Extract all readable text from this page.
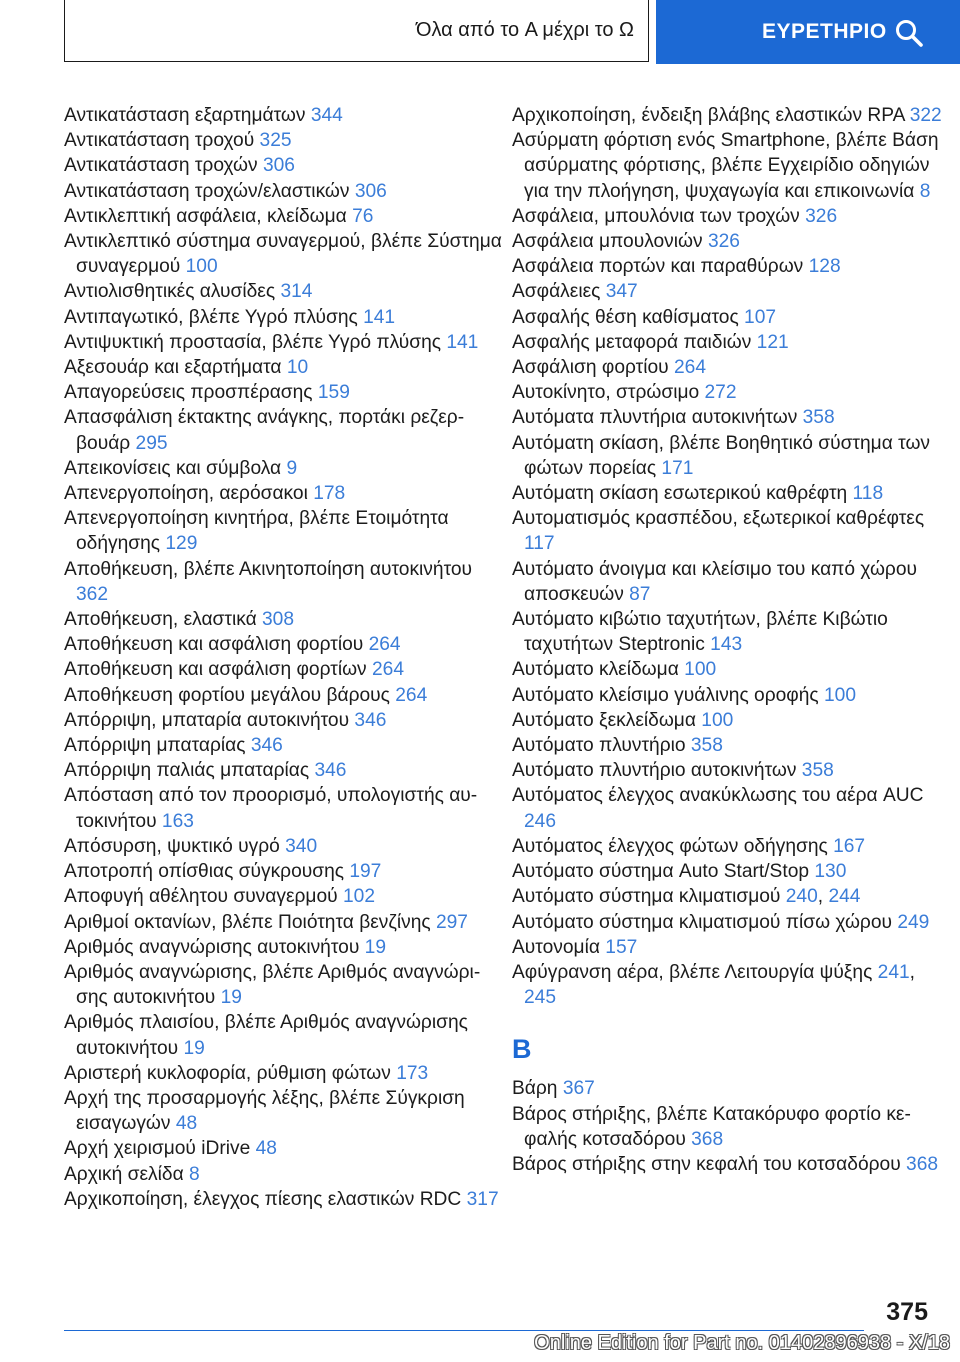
Όλα από το A μέχρι το Ω	ΕΥΡΕΤΗΡΙΟ

Αντικατάσταση εξαρτημάτων 344

Αντικατάσταση τροχού 325

Αντικατάσταση τροχών 306

Αντικατάσταση τροχών/ελαστικών 306

Αντικλεπτική ασφάλεια, κλείδωμα 76

Αντικλεπτικό σύστημα συναγερμού, βλέπε Σύστημα συναγερμού 100

Αντιολισθητικές αλυσίδες 314

Αντιπαγωτικό, βλέπε Υγρό πλύσης 141

Αντιψυκτική προστασία, βλέπε Υγρό πλύσης 141

Αξεσουάρ και εξαρτήματα 10

Απαγορεύσεις προσπέρασης 159

Απασφάλιση έκτακτης ανάγκης, πορτάκι ρεζερβουάρ 295

Απεικονίσεις και σύμβολα 9

Απενεργοποίηση, αερόσακοι 178

Απενεργοποίηση κινητήρα, βλέπε Ετοιμότητα οδήγησης 129

Αποθήκευση, βλέπε Ακινητοποίηση αυτοκινήτου 362

Αποθήκευση, ελαστικά 308

Αποθήκευση και ασφάλιση φορτίου 264

Αποθήκευση και ασφάλιση φορτίων 264

Αποθήκευση φορτίου μεγάλου βάρους 264

Απόρριψη, μπαταρία αυτοκινήτου 346

Απόρριψη μπαταρίας 346

Απόρριψη παλιάς μπαταρίας 346

Απόσταση από τον προορισμό, υπολογιστής αυτοκινήτου 163

Απόσυρση, ψυκτικό υγρό 340

Αποτροπή οπίσθιας σύγκρουσης 197

Αποφυγή αθέλητου συναγερμού 102

Αριθμοί οκτανίων, βλέπε Ποιότητα βενζίνης 297

Αριθμός αναγνώρισης αυτοκινήτου 19

Αριθμός αναγνώρισης, βλέπε Αριθμός αναγνώρισης αυτοκινήτου 19

Αριθμός πλαισίου, βλέπε Αριθμός αναγνώρισης αυτοκινήτου 19

Αριστερή κυκλοφορία, ρύθμιση φώτων 173

Αρχή της προσαρμογής λέξης, βλέπε Σύγκριση εισαγωγών 48

Αρχή χειρισμού iDrive 48

Αρχική σελίδα 8

Αρχικοποίηση, έλεγχος πίεσης ελαστικών RDC 317

Αρχικοποίηση, ένδειξη βλάβης ελαστικών RPA 322

Ασύρματη φόρτιση ενός Smartphone, βλέπε Βάση ασύρματης φόρτισης, βλέπε Εγχειρίδιο οδηγιών για την πλοήγηση, ψυχαγωγία και επικοινωνία 8

Ασφάλεια, μπουλόνια των τροχών 326

Ασφάλεια μπουλονιών 326

Ασφάλεια πορτών και παραθύρων 128

Ασφάλειες 347

Ασφαλής θέση καθίσματος 107

Ασφαλής μεταφορά παιδιών 121

Ασφάλιση φορτίου 264

Αυτοκίνητο, στρώσιμο 272

Αυτόματα πλυντήρια αυτοκινήτων 358

Αυτόματη σκίαση, βλέπε Βοηθητικό σύστημα των φώτων πορείας 171

Αυτόματη σκίαση εσωτερικού καθρέφτη 118

Αυτοματισμός κρασπέδου, εξωτερικοί καθρέφτες 117

Αυτόματο άνοιγμα και κλείσιμο του καπό χώρου αποσκευών 87

Αυτόματο κιβώτιο ταχυτήτων, βλέπε Κιβώτιο ταχυτήτων Steptronic 143

Αυτόματο κλείδωμα 100

Αυτόματο κλείσιμο γυάλινης οροφής 100

Αυτόματο ξεκλείδωμα 100

Αυτόματο πλυντήριο 358

Αυτόματο πλυντήριο αυτοκινήτων 358

Αυτόματος έλεγχος ανακύκλωσης του αέρα AUC 246

Αυτόματος έλεγχος φώτων οδήγησης 167

Αυτόματο σύστημα Auto Start/Stop 130

Αυτόματο σύστημα κλιματισμού 240, 244

Αυτόματο σύστημα κλιματισμού πίσω χώρου 249

Αυτονομία 157

Αφύγρανση αέρα, βλέπε Λειτουργία ψύξης 241, 245

B

Βάρη 367

Βάρος στήριξης, βλέπε Κατακόρυφο φορτίο κεφαλής κοτσαδόρου 368

Βάρος στήριξης στην κεφαλή του κοτσαδόρου 368

375
Online Edition for Part no. 01402896938 - X/18
